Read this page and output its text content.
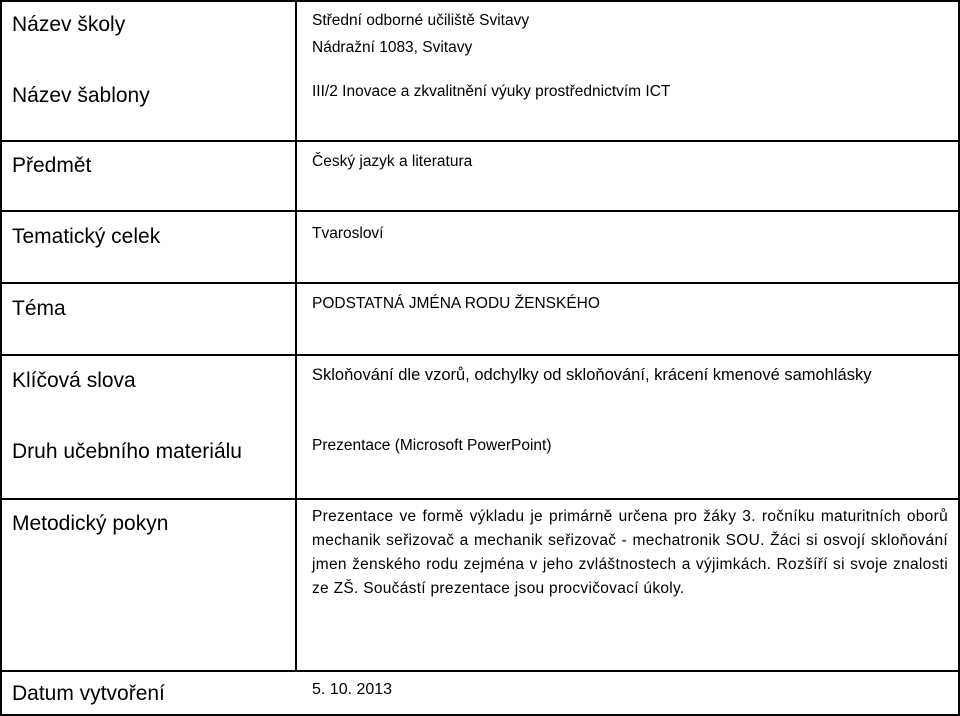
Název školy	Střední odborné učiliště Svitavy
Nádražní 1083, Svitavy
Název šablony	III/2 Inovace a zkvalitnění výuky prostřednictvím ICT
Předmět	Český jazyk a literatura
Tematický celek	Tvarosloví
Téma	PODSTATNÁ JMÉNA RODU ŽENSKÉHO
Klíčová slova	Skloňování dle vzorů, odchylky od skloňování, krácení kmenové samohlásky
Druh učebního materiálu	Prezentace (Microsoft PowerPoint)
Metodický pokyn	Prezentace ve formě výkladu je primárně určena pro žáky 3. ročníku maturitních oborů mechanik seřizovač a mechanik seřizovač - mechatronik SOU. Žáci si osvojí skloňování jmen ženského rodu zejména v jeho zvláštnostech a výjimkách. Rozšíří si svoje znalosti ze ZŠ. Součástí prezentace jsou procvičovací úkoly.
Datum vytvoření	5. 10. 2013
